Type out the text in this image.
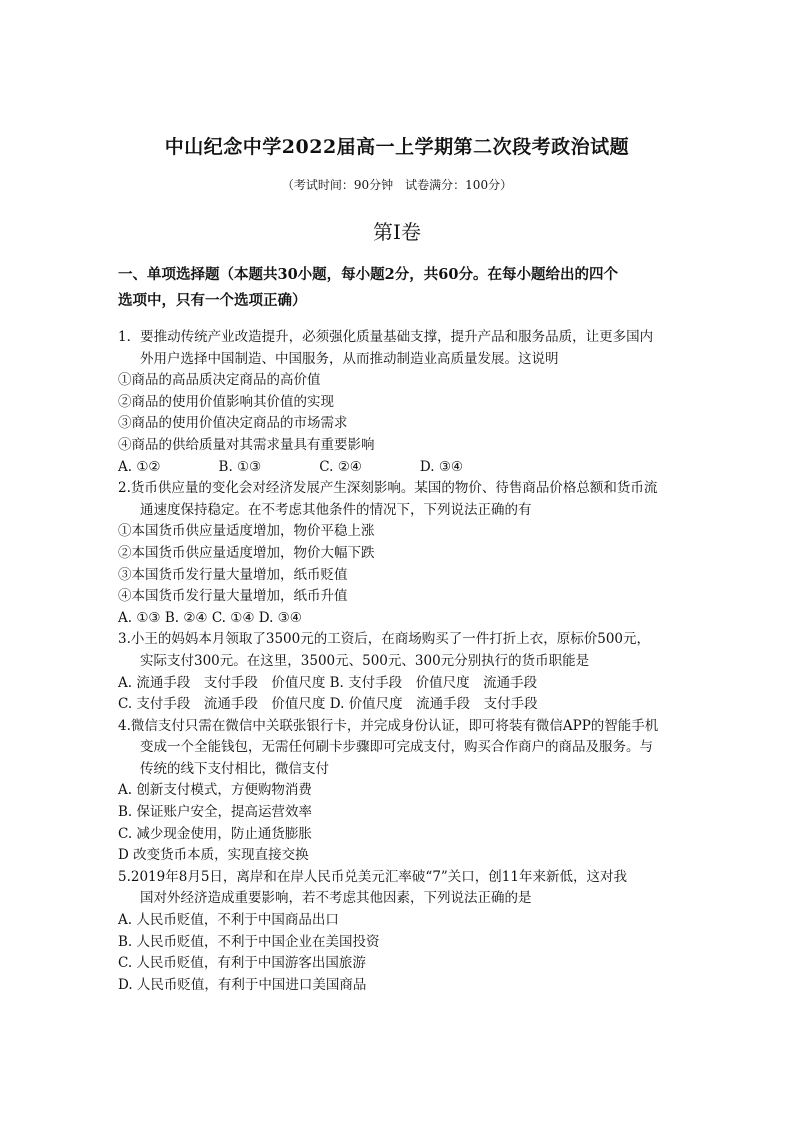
中山纪念中学2022届高一上学期第二次段考政治试题
（考试时间：90分钟　试卷满分：100分）
第Ⅰ卷
一、单项选择题（本题共30小题，每小题2分，共60分。在每小题给出的四个
选项中，只有一个选项正确）
1．要推动传统产业改造提升，必须强化质量基础支撑，提升产品和服务品质，让更多国内
外用户选择中国制造、中国服务，从而推动制造业高质量发展。这说明
①商品的高品质决定商品的高价值
②商品的使用价值影响其价值的实现
③商品的使用价值决定商品的市场需求
④商品的供给质量对其需求量具有重要影响
A. ①②	B. ①③	C. ②④	D. ③④
2.货币供应量的变化会对经济发展产生深刻影响。某国的物价、待售商品价格总额和货币流
通速度保持稳定。在不考虑其他条件的情况下，下列说法正确的有
①本国货币供应量适度增加，物价平稳上涨
②本国货币供应量适度增加，物价大幅下跌
③本国货币发行量大量增加，纸币贬值
④本国货币发行量大量增加，纸币升值
A. ①③ B. ②④ C. ①④ D. ③④
3.小王的妈妈本月领取了3500元的工资后，在商场购买了一件打折上衣，原标价500元，
实际支付300元。在这里，3500元、500元、300元分别执行的货币职能是
A. 流通手段　支付手段　价值尺度 B. 支付手段　价值尺度　流通手段
C. 支付手段　流通手段　价值尺度 D. 价值尺度　流通手段　支付手段
4.微信支付只需在微信中关联张银行卡，并完成身份认证，即可将装有微信APP的智能手机
变成一个全能钱包，无需任何刷卡步骤即可完成支付，购买合作商户的商品及服务。与
传统的线下支付相比，微信支付
A. 创新支付模式，方便购物消费
B. 保证账户安全，提高运营效率
C. 减少现金使用，防止通货膨胀
D 改变货币本质，实现直接交换
5.2019年8月5日，离岸和在岸人民币兑美元汇率破“7”关口，创11年来新低，这对我
国对外经济造成重要影响，若不考虑其他因素，下列说法正确的是
A. 人民币贬值，不利于中国商品出口
B. 人民币贬值，不利于中国企业在美国投资
C. 人民币贬值，有利于中国游客出国旅游
D. 人民币贬值，有利于中国进口美国商品
